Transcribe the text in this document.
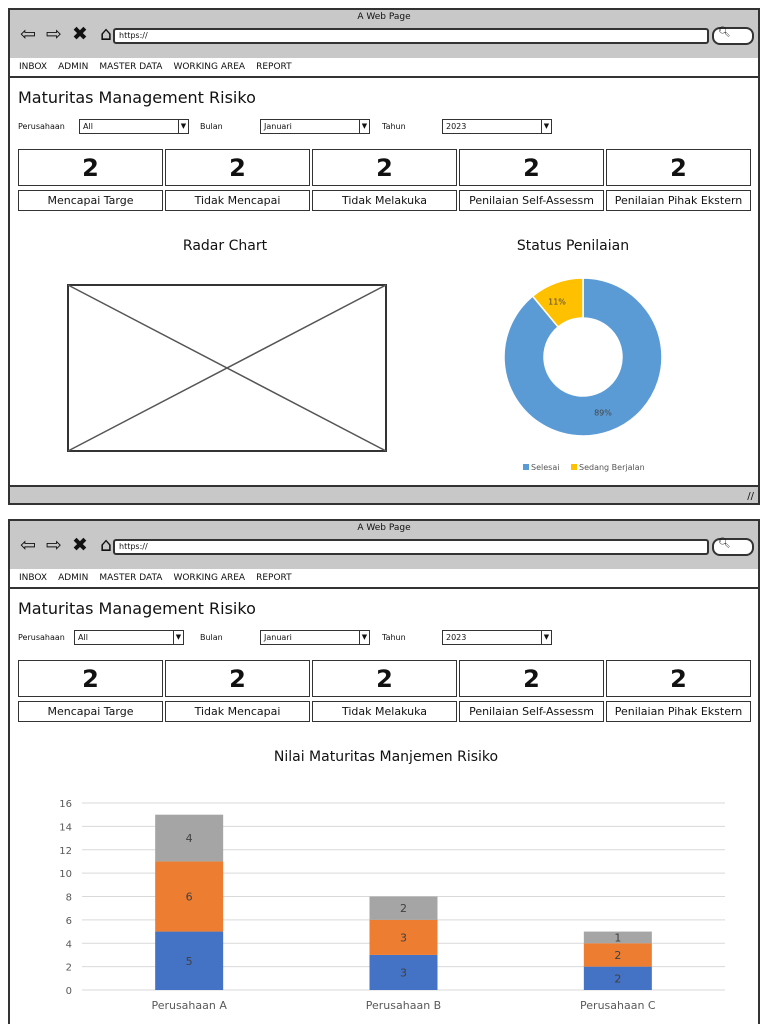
A Web Page
⇦ ⇨ ✖ ⌂ https://	🔍︎
INBOX ADMIN MASTER DATA WORKING AREA REPORT
Maturitas Management Risiko
Perusahaan	All	▼ Bulan	Januari	▼ Tahun	2023	▼
2
Mencapai Targe
2
Tidak Mencapai
2
Tidak Melakuka
2
Penilaian Self-Assessm
2
Penilaian Pihak Ekstern
Radar Chart	Status Penilaian
89%
11%
Selesai Sedang Berjalan
//
A Web Page
⇦ ⇨ ✖ ⌂ https://	🔍︎
INBOX ADMIN MASTER DATA WORKING AREA REPORT
Maturitas Management Risiko
Perusahaan	All	▼ Bulan	Januari	▼ Tahun	2023	▼
2
Mencapai Targe
2
Tidak Mencapai
2
Tidak Melakuka
2
Penilaian Self-Assessm
2
Penilaian Pihak Ekstern
Nilai Maturitas Manjemen Risiko
0
2
4
6
8
10
12
14
16
5
6
4
Perusahaan A
3
3
2
Perusahaan B
2
2
1
Perusahaan C
